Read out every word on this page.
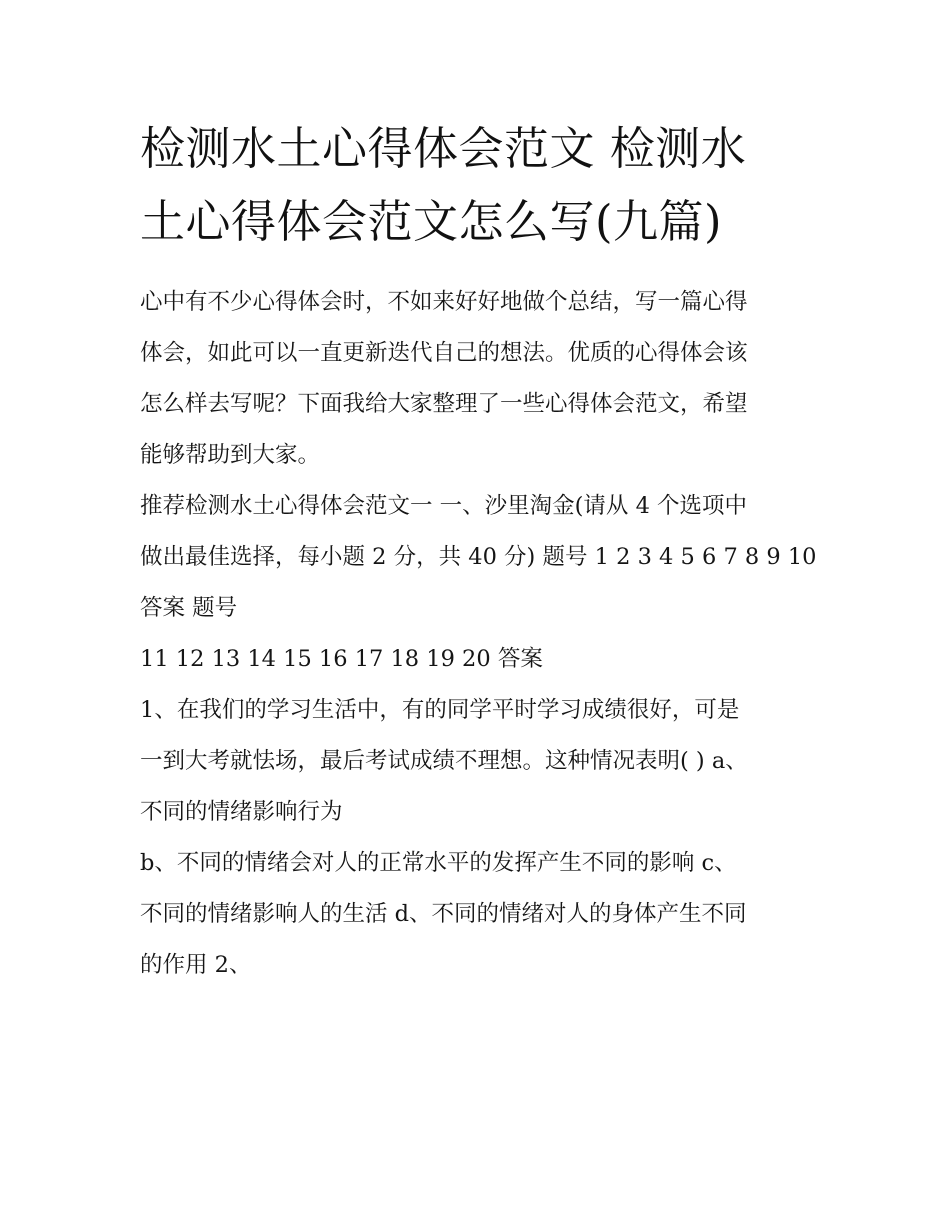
检测水土心得体会范文 检测水
土心得体会范文怎么写(九篇)

心中有不少心得体会时，不如来好好地做个总结，写一篇心得
体会，如此可以一直更新迭代自己的想法。优质的心得体会该
怎么样去写呢？下面我给大家整理了一些心得体会范文，希望
能够帮助到大家。

推荐检测水土心得体会范文一 一、沙里淘金(请从 4 个选项中
做出最佳选择，每小题 2 分，共 40 分) 题号 1 2 3 4 5 6 7 8 9 10
答案 题号

11 12 13 14 15 16 17 18 19 20 答案

1、在我们的学习生活中，有的同学平时学习成绩很好，可是
一到大考就怯场，最后考试成绩不理想。这种情况表明( ) a、
不同的情绪影响行为

b、不同的情绪会对人的正常水平的发挥产生不同的影响 c、
不同的情绪影响人的生活 d、不同的情绪对人的身体产生不同
的作用 2、
